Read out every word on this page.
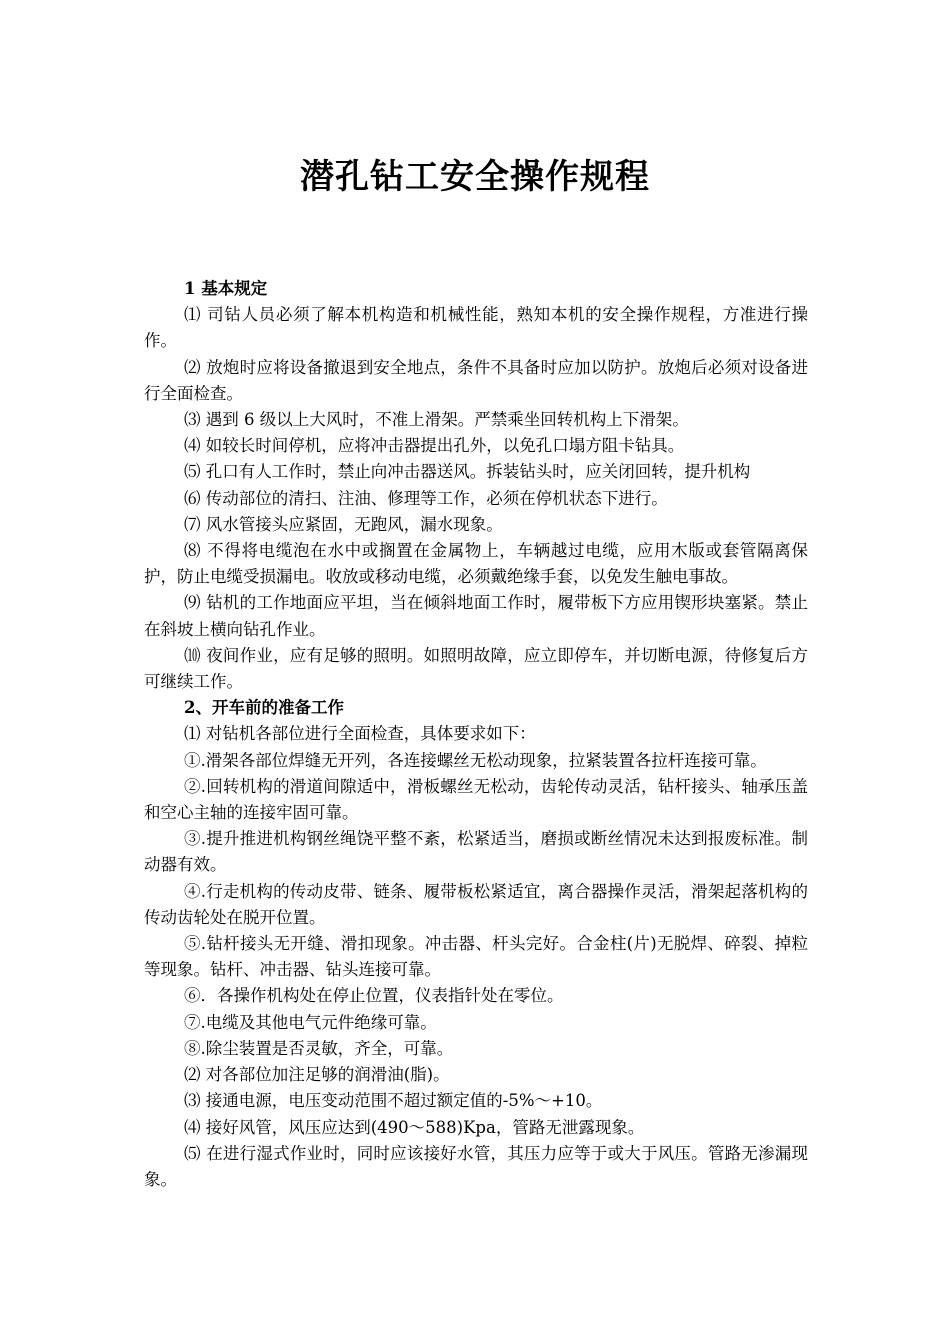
潜孔钻工安全操作规程

1 基本规定

⑴ 司钻人员必须了解本机构造和机械性能，熟知本机的安全操作规程，方准进行操作。

⑵ 放炮时应将设备撤退到安全地点，条件不具备时应加以防护。放炮后必须对设备进行全面检查。

⑶ 遇到 6 级以上大风时，不准上滑架。严禁乘坐回转机构上下滑架。

⑷ 如较长时间停机，应将冲击器提出孔外，以免孔口塌方阻卡钻具。

⑸ 孔口有人工作时，禁止向冲击器送风。拆装钻头时，应关闭回转，提升机构

⑹ 传动部位的清扫、注油、修理等工作，必须在停机状态下进行。

⑺ 风水管接头应紧固，无跑风，漏水现象。

⑻ 不得将电缆泡在水中或搁置在金属物上，车辆越过电缆，应用木版或套管隔离保护，防止电缆受损漏电。收放或移动电缆，必须戴绝缘手套，以免发生触电事故。

⑼ 钻机的工作地面应平坦，当在倾斜地面工作时，履带板下方应用锲形块塞紧。禁止在斜坡上横向钻孔作业。

⑽ 夜间作业，应有足够的照明。如照明故障，应立即停车，并切断电源，待修复后方可继续工作。

2、开车前的准备工作

⑴ 对钻机各部位进行全面检查，具体要求如下：

①.滑架各部位焊缝无开列，各连接螺丝无松动现象，拉紧装置各拉杆连接可靠。

②.回转机构的滑道间隙适中，滑板螺丝无松动，齿轮传动灵活，钻杆接头、轴承压盖和空心主轴的连接牢固可靠。

③.提升推进机构钢丝绳饶平整不紊，松紧适当，磨损或断丝情况未达到报废标准。制动器有效。

④.行走机构的传动皮带、链条、履带板松紧适宜，离合器操作灵活，滑架起落机构的传动齿轮处在脱开位置。

⑤.钻杆接头无开缝、滑扣现象。冲击器、杆头完好。合金柱(片)无脱焊、碎裂、掉粒等现象。钻杆、冲击器、钻头连接可靠。

⑥．各操作机构处在停止位置，仪表指针处在零位。

⑦.电缆及其他电气元件绝缘可靠。

⑧.除尘装置是否灵敏，齐全，可靠。

⑵ 对各部位加注足够的润滑油(脂)。

⑶ 接通电源，电压变动范围不超过额定值的-5%～+10。

⑷ 接好风管，风压应达到(490～588)Kpa，管路无泄露现象。

⑸ 在进行湿式作业时，同时应该接好水管，其压力应等于或大于风压。管路无渗漏现象。
